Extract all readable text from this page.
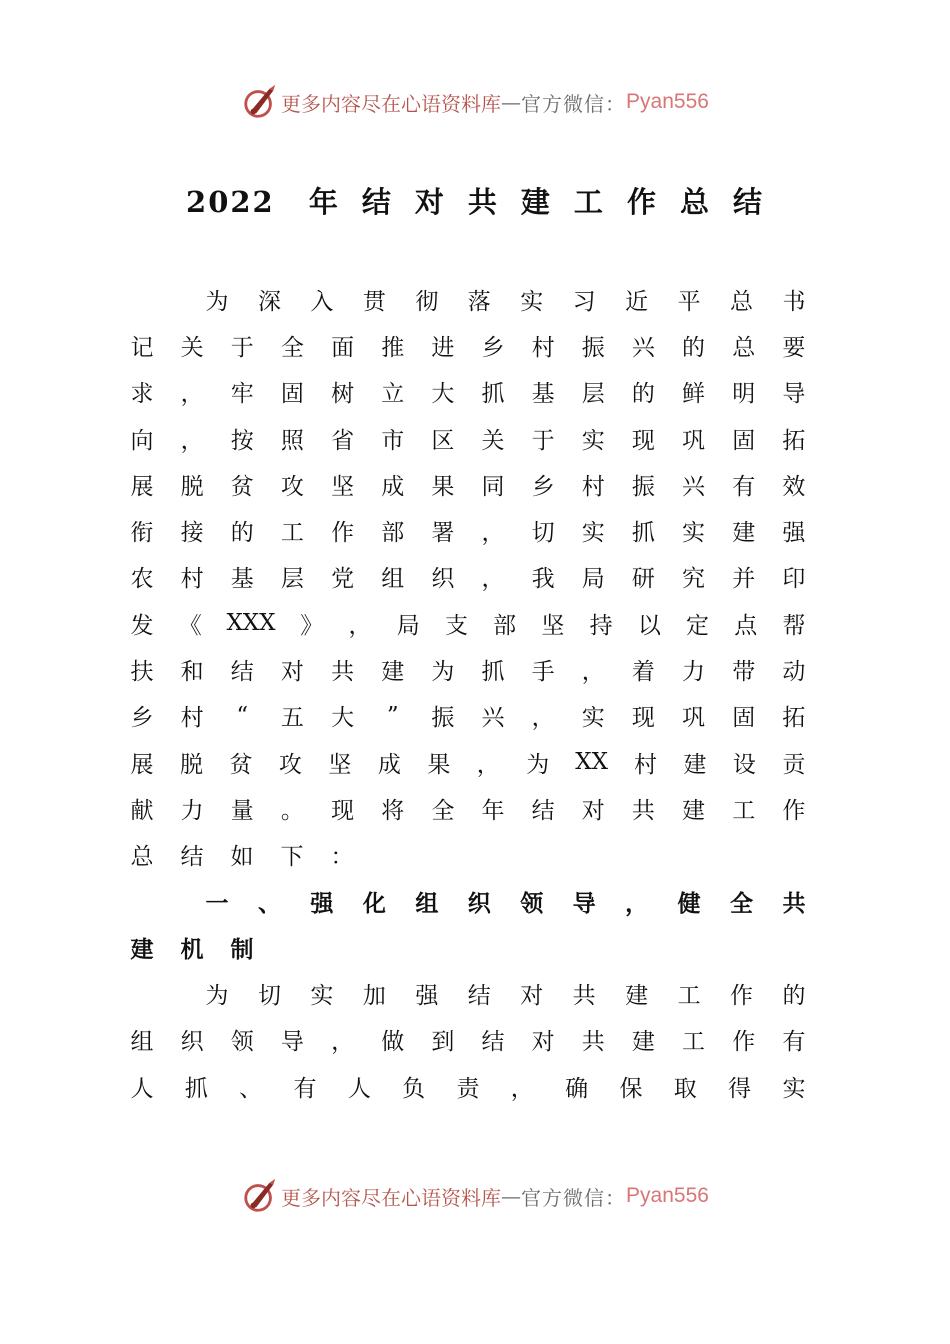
更多内容尽在心语资料库 — 官方微信： Pyan556
2022 年 结 对 共 建 工 作 总 结
为 深 入 贯 彻 落 实 习 近 平 总 书
记 关 于 全 面 推 进 乡 村 振 兴 的 总 要
求 ， 牢 固 树 立 大 抓 基 层 的 鲜 明 导
向 ， 按 照 省 市 区 关 于 实 现 巩 固 拓
展 脱 贫 攻 坚 成 果 同 乡 村 振 兴 有 效
衔 接 的 工 作 部 署 ， 切 实 抓 实 建 强
农 村 基 层 党 组 织 ， 我 局 研 究 并 印
发 《 XXX 》 ， 局 支 部 坚 持 以 定 点 帮
扶 和 结 对 共 建 为 抓 手 ， 着 力 带 动
乡 村 “ 五 大 ” 振 兴 ， 实 现 巩 固 拓
展 脱 贫 攻 坚 成 果 ， 为 XX 村 建 设 贡
献 力 量 。 现 将 全 年 结 对 共 建 工 作
总 结 如 下 ：
一 、 强 化 组 织 领 导 ， 健 全 共
建 机 制
为 切 实 加 强 结 对 共 建 工 作 的
组 织 领 导 ， 做 到 结 对 共 建 工 作 有
人 抓 、 有 人 负 责 ， 确 保 取 得 实
更多内容尽在心语资料库 — 官方微信： Pyan556
